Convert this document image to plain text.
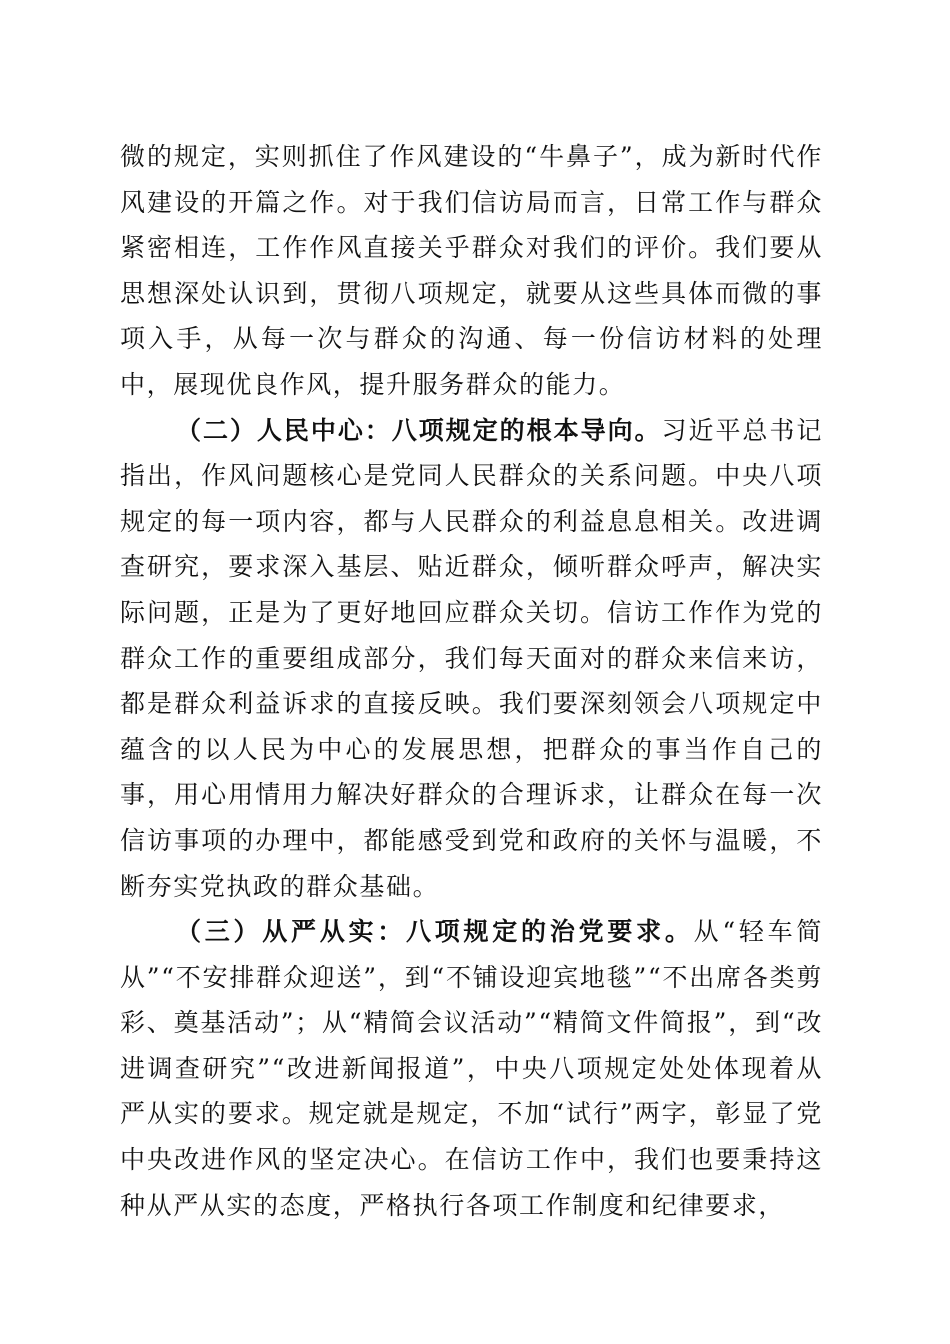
微的规定，实则抓住了作风建设的“牛鼻子”，成为新时代作风建设的开篇之作。对于我们信访局而言，日常工作与群众紧密相连，工作作风直接关乎群众对我们的评价。我们要从思想深处认识到，贯彻八项规定，就要从这些具体而微的事项入手，从每一次与群众的沟通、每一份信访材料的处理中，展现优良作风，提升服务群众的能力。

（二）人民中心：八项规定的根本导向。习近平总书记指出，作风问题核心是党同人民群众的关系问题。中央八项规定的每一项内容，都与人民群众的利益息息相关。改进调查研究，要求深入基层、贴近群众，倾听群众呼声，解决实际问题，正是为了更好地回应群众关切。信访工作作为党的群众工作的重要组成部分，我们每天面对的群众来信来访，都是群众利益诉求的直接反映。我们要深刻领会八项规定中蕴含的以人民为中心的发展思想，把群众的事当作自己的事，用心用情用力解决好群众的合理诉求，让群众在每一次信访事项的办理中，都能感受到党和政府的关怀与温暖，不断夯实党执政的群众基础。

（三）从严从实：八项规定的治党要求。从“轻车简从”“不安排群众迎送”，到“不铺设迎宾地毯”“不出席各类剪彩、奠基活动”；从“精简会议活动”“精简文件简报”，到“改进调查研究”“改进新闻报道”，中央八项规定处处体现着从严从实的要求。规定就是规定，不加“试行”两字，彰显了党中央改进作风的坚定决心。在信访工作中，我们也要秉持这种从严从实的态度，严格执行各项工作制度和纪律要求，
